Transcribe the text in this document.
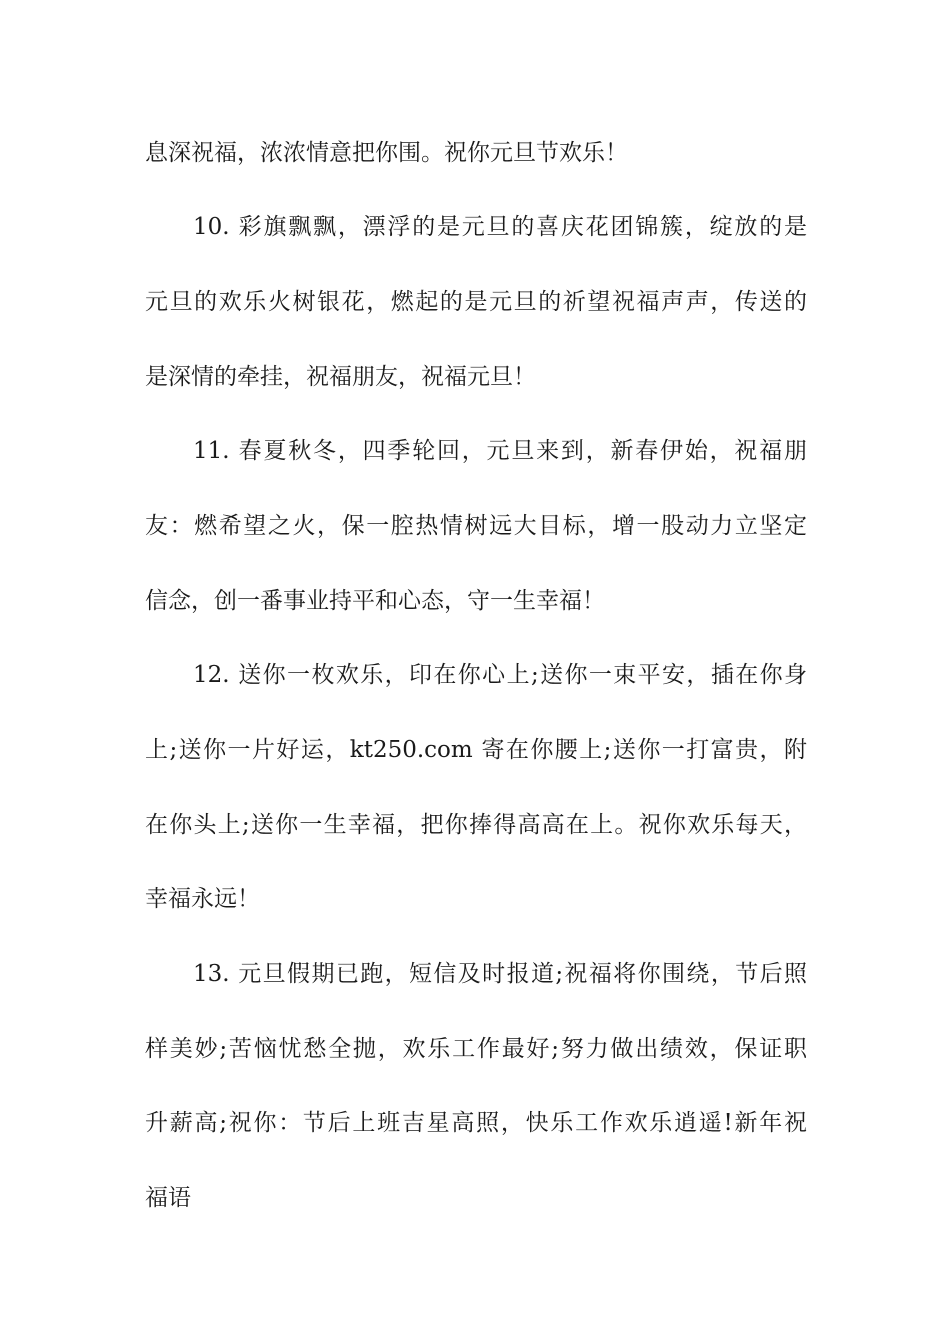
息深祝福，浓浓情意把你围。祝你元旦节欢乐！
10. 彩旗飘飘，漂浮的是元旦的喜庆花团锦簇，绽放的是
元旦的欢乐火树银花，燃起的是元旦的祈望祝福声声，传送的
是深情的牵挂，祝福朋友，祝福元旦！
11. 春夏秋冬，四季轮回，元旦来到，新春伊始，祝福朋
友：燃希望之火，保一腔热情树远大目标，增一股动力立坚定
信念，创一番事业持平和心态，守一生幸福！
12. 送你一枚欢乐，印在你心上;送你一束平安，插在你身
上;送你一片好运，kt250.com 寄在你腰上;送你一打富贵，附
在你头上;送你一生幸福，把你捧得高高在上。祝你欢乐每天，
幸福永远！
13. 元旦假期已跑，短信及时报道;祝福将你围绕，节后照
样美妙;苦恼忧愁全抛，欢乐工作最好;努力做出绩效，保证职
升薪高;祝你：节后上班吉星高照，快乐工作欢乐逍遥!新年祝
福语
